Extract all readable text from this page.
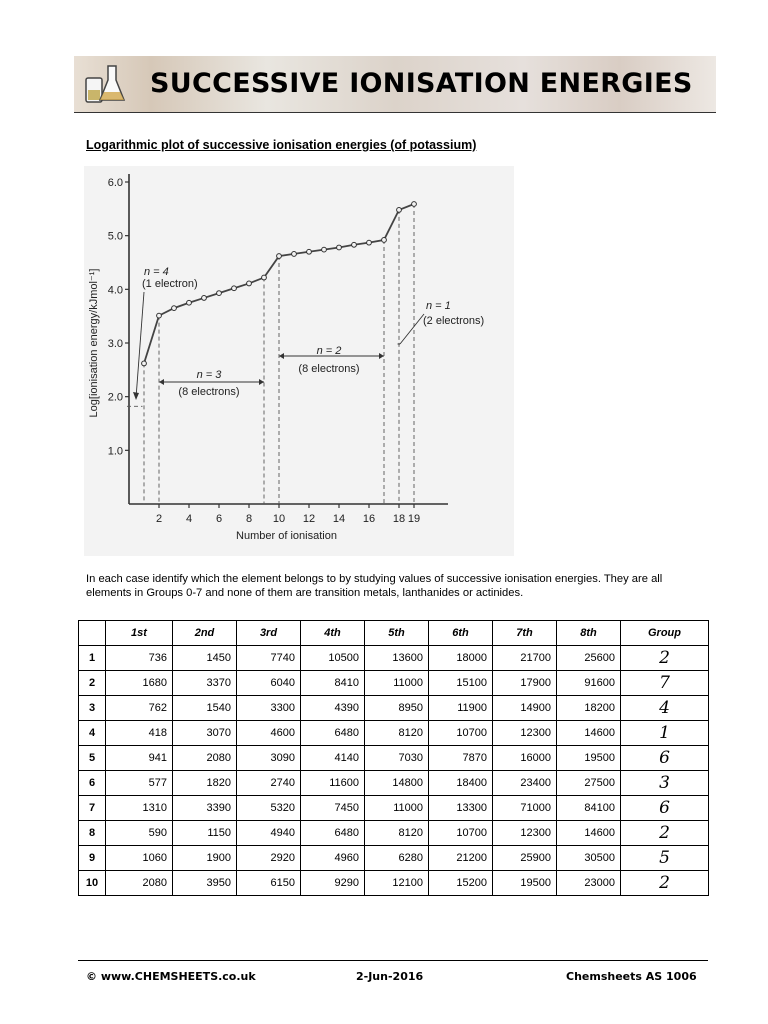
SUCCESSIVE IONISATION ENERGIES
Logarithmic plot of successive ionisation energies (of potassium)
1.0
2.0
3.0
4.0
5.0
6.0
2 4 6 8 10 12 14 16 18 19
Number of ionisation
Log[ionisation energy/kJmol⁻¹]	n = 4
(1 electron)
n = 3
(8 electrons)
n = 2
(8 electrons)
n = 1
(2 electrons)
In each case identify which the element belongs to by studying values of successive ionisation energies. They are all elements in Groups 0-7 and none of them are transition metals, lanthanides or actinides.
	1st	2nd	3rd	4th	5th	6th	7th	8th	Group
1	736	1450	7740	10500	13600	18000	21700	25600	2
2	1680	3370	6040	8410	11000	15100	17900	91600	7
3	762	1540	3300	4390	8950	11900	14900	18200	4
4	418	3070	4600	6480	8120	10700	12300	14600	1
5	941	2080	3090	4140	7030	7870	16000	19500	6
6	577	1820	2740	11600	14800	18400	23400	27500	3
7	1310	3390	5320	7450	11000	13300	71000	84100	6
8	590	1150	4940	6480	8120	10700	12300	14600	2
9	1060	1900	2920	4960	6280	21200	25900	30500	5
10	2080	3950	6150	9290	12100	15200	19500	23000	2
© www.CHEMSHEETS.co.uk	2-Jun-2016	Chemsheets AS 1006
